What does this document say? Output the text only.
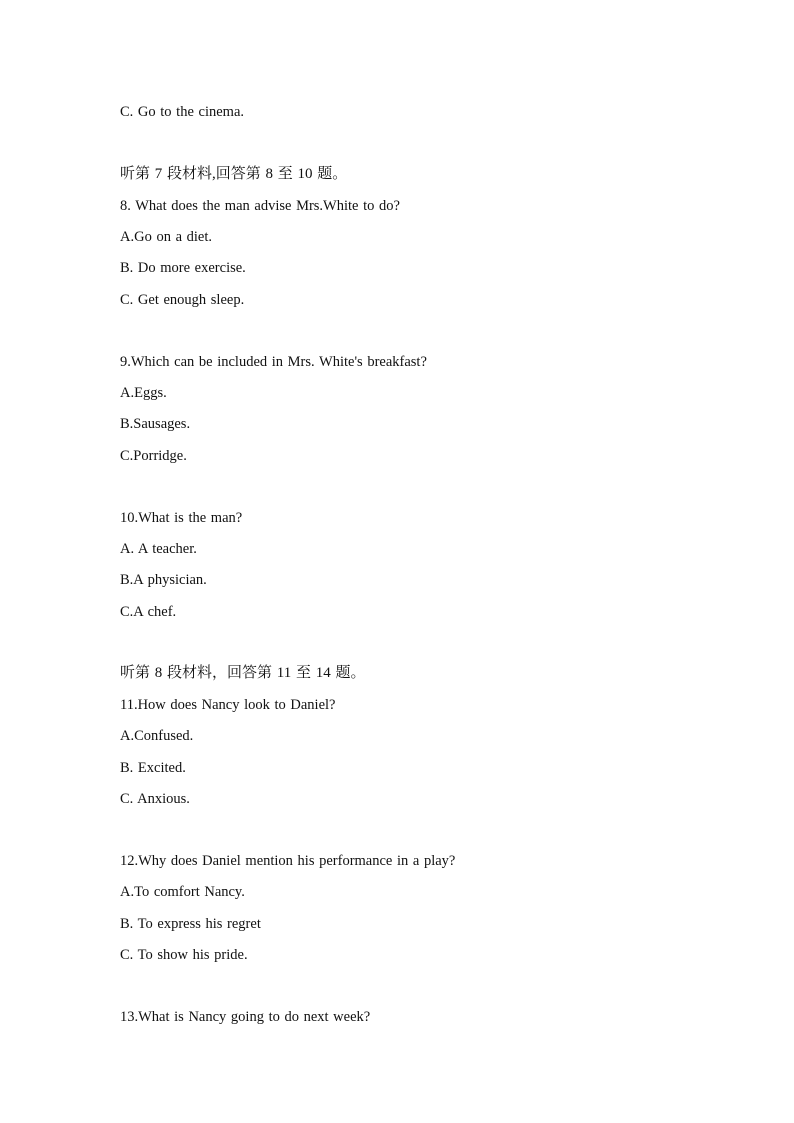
C. Go to the cinema.
听第 7 段材料,回答第 8 至 10 题。
8. What does the man advise Mrs.White to do?
A.Go on a diet.
B. Do more exercise.
C. Get enough sleep.
9.Which can be included in Mrs. White's breakfast?
A.Eggs.
B.Sausages.
C.Porridge.
10.What is the man?
A. A teacher.
B.A physician.
C.A chef.
听第 8 段材料，回答第 11 至 14 题。
11.How does Nancy look to Daniel?
A.Confused.
B. Excited.
C. Anxious.
12.Why does Daniel mention his performance in a play?
A.To comfort Nancy.
B. To express his regret
C. To show his pride.
13.What is Nancy going to do next week?
